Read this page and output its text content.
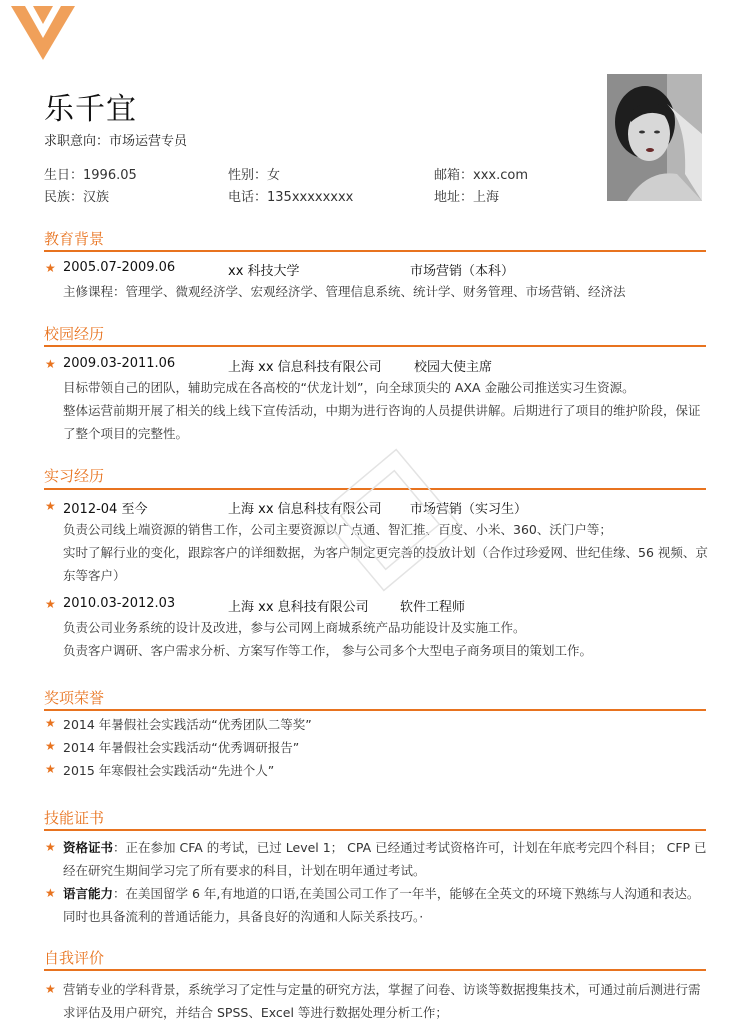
乐千宜
求职意向：市场运营专员
生日：1996.05	性别：女	邮箱：xxx.com
民族：汉族	电话：135xxxxxxxx	地址：上海
教育背景
★ 2005.07-2009.06	xx 科技大学	市场营销（本科）
主修课程：管理学、微观经济学、宏观经济学、管理信息系统、统计学、财务管理、市场营销、经济法
校园经历
★ 2009.03-2011.06	上海 xx 信息科技有限公司 校园大使主席

目标带领自己的团队，辅助完成在各高校的“伏龙计划”，向全球顶尖的 AXA 金融公司推送实习生资源。

整体运营前期开展了相关的线上线下宣传活动，中期为进行咨询的人员提供讲解。后期进行了项目的维护阶段，保证了整个项目的完整性。

实习经历
★ 2012-04 至今	上海 xx 信息科技有限公司 市场营销（实习生）

负责公司线上端资源的销售工作，公司主要资源以广点通、智汇推、百度、小米、360、沃门户等；

实时了解行业的变化，跟踪客户的详细数据，为客户制定更完善的投放计划（合作过珍爱网、世纪佳缘、56 视频、京东等客户）

★ 2010.03-2012.03	上海 xx 息科技有限公司 软件工程师

负责公司业务系统的设计及改进，参与公司网上商城系统产品功能设计及实施工作。

负责客户调研、客户需求分析、方案写作等工作， 参与公司多个大型电子商务项目的策划工作。

奖项荣誉
★ 2014 年暑假社会实践活动“优秀团队二等奖”
★ 2014 年暑假社会实践活动“优秀调研报告”
★ 2015 年寒假社会实践活动“先进个人”
技能证书
★ 资格证书：正在参加 CFA 的考试，已过 Level 1； CPA 已经通过考试资格许可，计划在年底考完四个科目； CFP 已经在研究生期间学习完了所有要求的科目，计划在明年通过考试。
★ 语言能力：在美国留学 6 年,有地道的口语,在美国公司工作了一年半，能够在全英文的环境下熟练与人沟通和表达。同时也具备流利的普通话能力，具备良好的沟通和人际关系技巧。·
自我评价
★ 营销专业的学科背景，系统学习了定性与定量的研究方法，掌握了问卷、访谈等数据搜集技术，可通过前后测进行需求评估及用户研究，并结合 SPSS、Excel 等进行数据处理分析工作；
